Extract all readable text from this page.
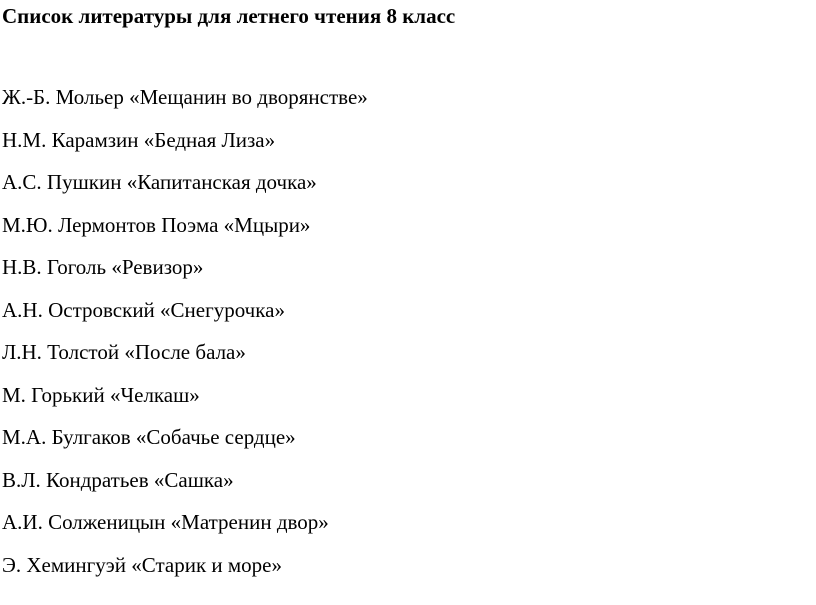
Список литературы для летнего чтения 8 класс

Ж.-Б. Мольер «Мещанин во дворянстве»
Н.М. Карамзин «Бедная Лиза»
А.С. Пушкин «Капитанская дочка»
М.Ю. Лермонтов Поэма «Мцыри»
Н.В. Гоголь «Ревизор»
А.Н. Островский «Снегурочка»
Л.Н. Толстой «После бала»
М. Горький «Челкаш»
М.А. Булгаков «Собачье сердце»
В.Л. Кондратьев «Сашка»
А.И. Солженицын «Матренин двор»
Э. Хемингуэй «Старик и море»
